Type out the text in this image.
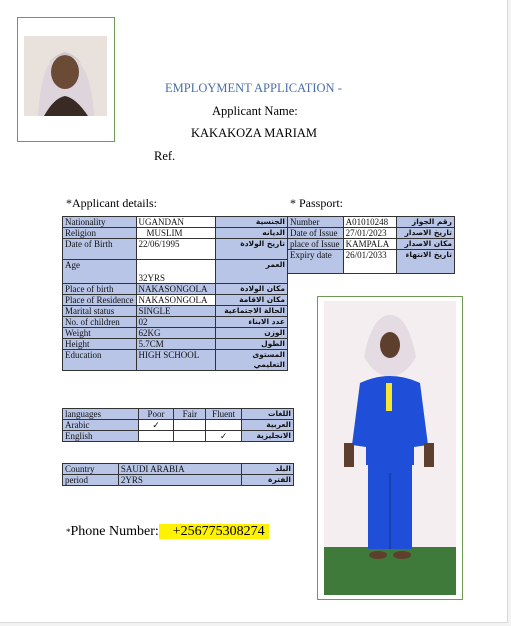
EMPLOYMENT APPLICATION -
Applicant Name:
KAKAKOZA MARIAM
Ref.
*Applicant details:	* Passport:
Nationality	UGANDAN	الجنسية
Religion	MUSLIM	الديانه
Date of Birth	22/06/1995	تاريخ الولادة
Age	32YRS	العمر
Place of birth	NAKASONGOLA	مكان الولادة
Place of Residence	NAKASONGOLA	مكان الاقامة
Marital status	SINGLE	الحالة الاجتماعية
No. of children	02	عدد الابناء
Weight	62KG	الوزن
Height	5.7CM	الطول
Education	HIGH SCHOOL	المستوى التعليمي
Number	A01010248	رقم الجواز
Date of Issue	27/01/2023	تاريخ الاصدار
place of Issue	KAMPALA	مكان الاصدار
Expiry date	26/01/2033	تاريخ الانتهاء
languages	Poor	Fair	Fluent	اللغات
Arabic	✓			العربية
English			✓	الانجليزية
Country	SAUDI ARABIA	البلد
period	2YRS	الفترة
*Phone Number: +256775308274
